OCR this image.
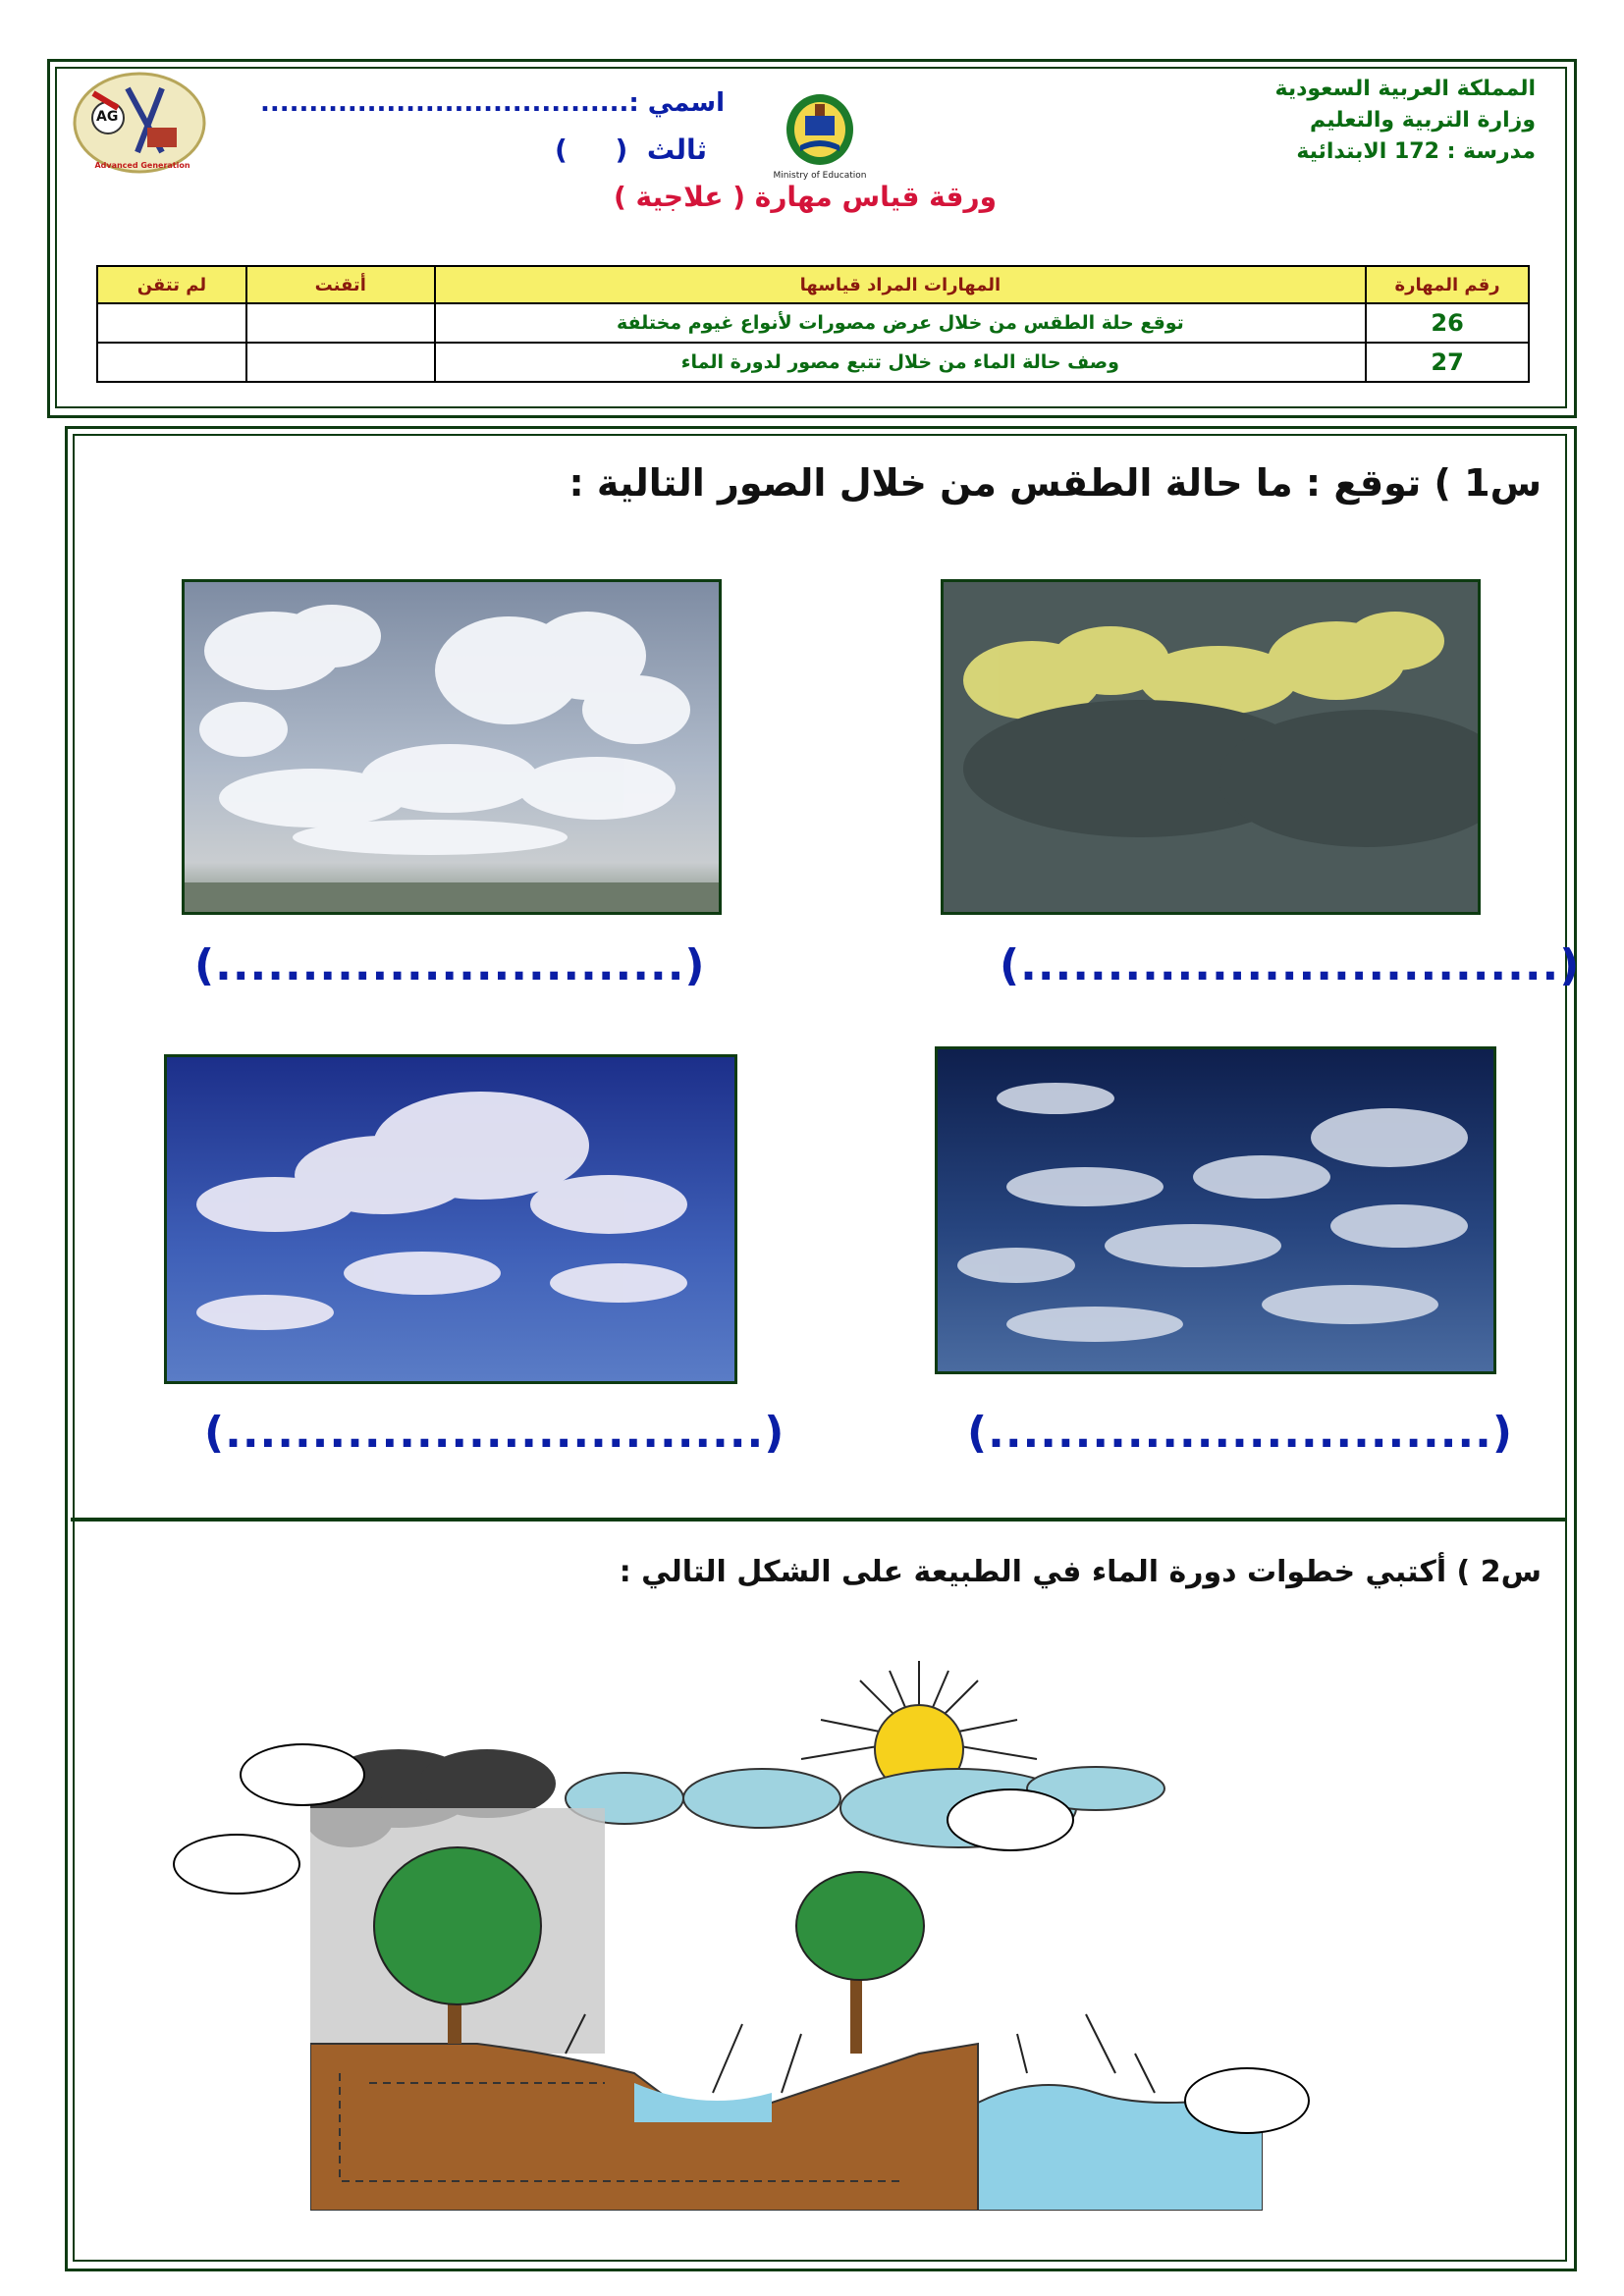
المملكة العربية السعودية
وزارة التربية والتعليم
مدرسة : 172 الابتدائية
Ministry of Education
AG
Advanced Generation
اسمي :......................................
ثالث  (     )
ورقة قياس مهارة ( علاجية )
رقم المهارة	المهارات المراد قياسها	أتقنت	لم تتقن
26	توقع حلة الطقس من خلال عرض مصورات لأنواع غيوم مختلفة		
27	وصف حالة الماء من خلال تتبع مصور لدورة الماء		
س1 ) توقع : ما حالة الطقس من خلال الصور التالية :
(...........................)	(...............................)
(...............................)	(.............................)
س2 ) أكتبي خطوات دورة الماء في الطبيعة على الشكل التالي :
